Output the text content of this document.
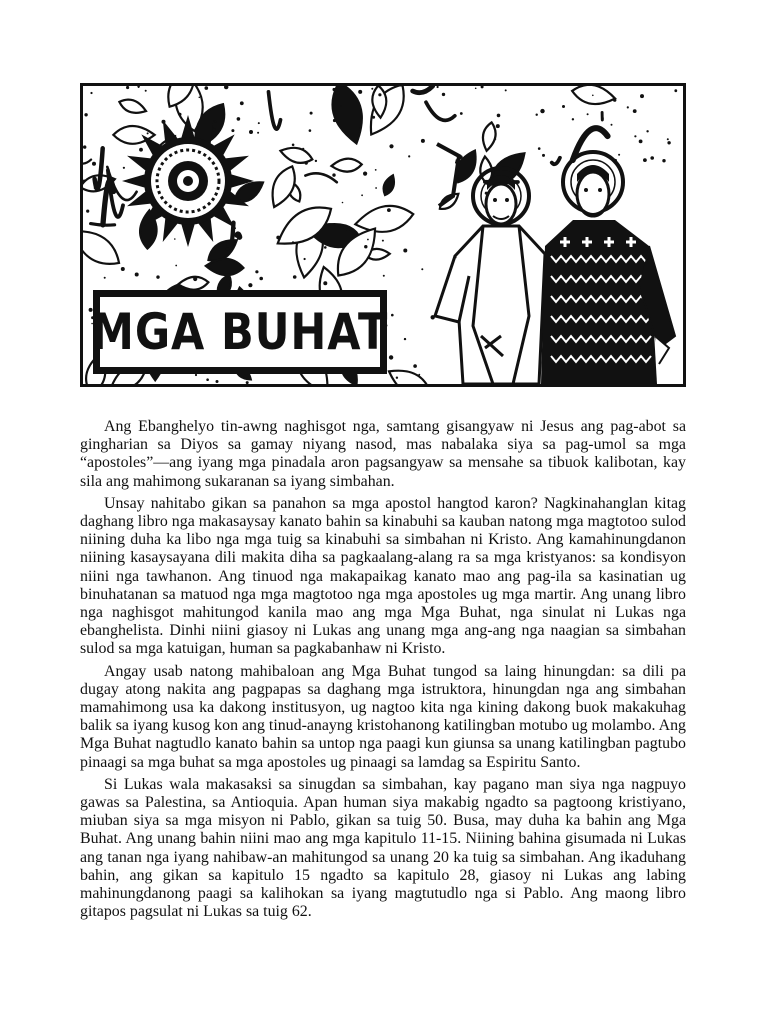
MGA BUHAT

Ang Ebanghelyo tin-awng naghisgot nga, samtang gisangyaw ni Jesus ang pag-abot sa gingharian sa Diyos sa gamay niyang nasod, mas nabalaka siya sa pag-umol sa mga “apostoles”—ang iyang mga pinadala aron pagsangyaw sa mensahe sa tibuok kalibotan, kay sila ang mahimong sukaranan sa iyang simbahan.

Unsay nahitabo gikan sa panahon sa mga apostol hangtod karon? Nagkinahanglan kitag daghang libro nga makasaysay kanato bahin sa kinabuhi sa kauban natong mga magtotoo sulod niining duha ka libo nga mga tuig sa kinabuhi sa simbahan ni Kristo. Ang kamahinungdanon niining kasaysayana dili makita diha sa pagkaalang-alang ra sa mga kristyanos: sa kondisyon niini nga tawhanon. Ang tinuod nga makapaikag kanato mao ang pag-ila sa kasinatian ug binuhatanan sa matuod nga mga magtotoo nga mga apostoles ug mga martir. Ang unang libro nga naghisgot mahitungod kanila mao ang mga Mga Buhat, nga sinulat ni Lukas nga ebanghelista. Dinhi niini giasoy ni Lukas ang unang mga ang-ang nga naagian sa simbahan sulod sa mga katuigan, human sa pagkabanhaw ni Kristo.

Angay usab natong mahibaloan ang Mga Buhat tungod sa laing hinungdan: sa dili pa dugay atong nakita ang pagpapas sa daghang mga istruktora, hinungdan nga ang simbahan mamahimong usa ka dakong institusyon, ug nagtoo kita nga kining dakong buok makakuhag balik sa iyang kusog kon ang tinud-anayng kristohanong katilingban motubo ug molambo. Ang Mga Buhat nagtudlo kanato bahin sa untop nga paagi kun giunsa sa unang katilingban pagtubo pinaagi sa mga buhat sa mga apostoles ug pinaagi sa lamdag sa Espiritu Santo.

Si Lukas wala makasaksi sa sinugdan sa simbahan, kay pagano man siya nga nagpuyo gawas sa Palestina, sa Antioquia. Apan human siya makabig ngadto sa pagtoong kristiyano, miuban siya sa mga misyon ni Pablo, gikan sa tuig 50. Busa, may duha ka bahin ang Mga Buhat. Ang unang bahin niini mao ang mga kapitulo 11-15. Niining bahina gisumada ni Lukas ang tanan nga iyang nahibaw-an mahitungod sa unang 20 ka tuig sa simbahan. Ang ikaduhang bahin, ang gikan sa kapitulo 15 ngadto sa kapitulo 28, giasoy ni Lukas ang labing mahinungdanong paagi sa kalihokan sa iyang magtutudlo nga si Pablo. Ang maong libro gitapos pagsulat ni Lukas sa tuig 62.
